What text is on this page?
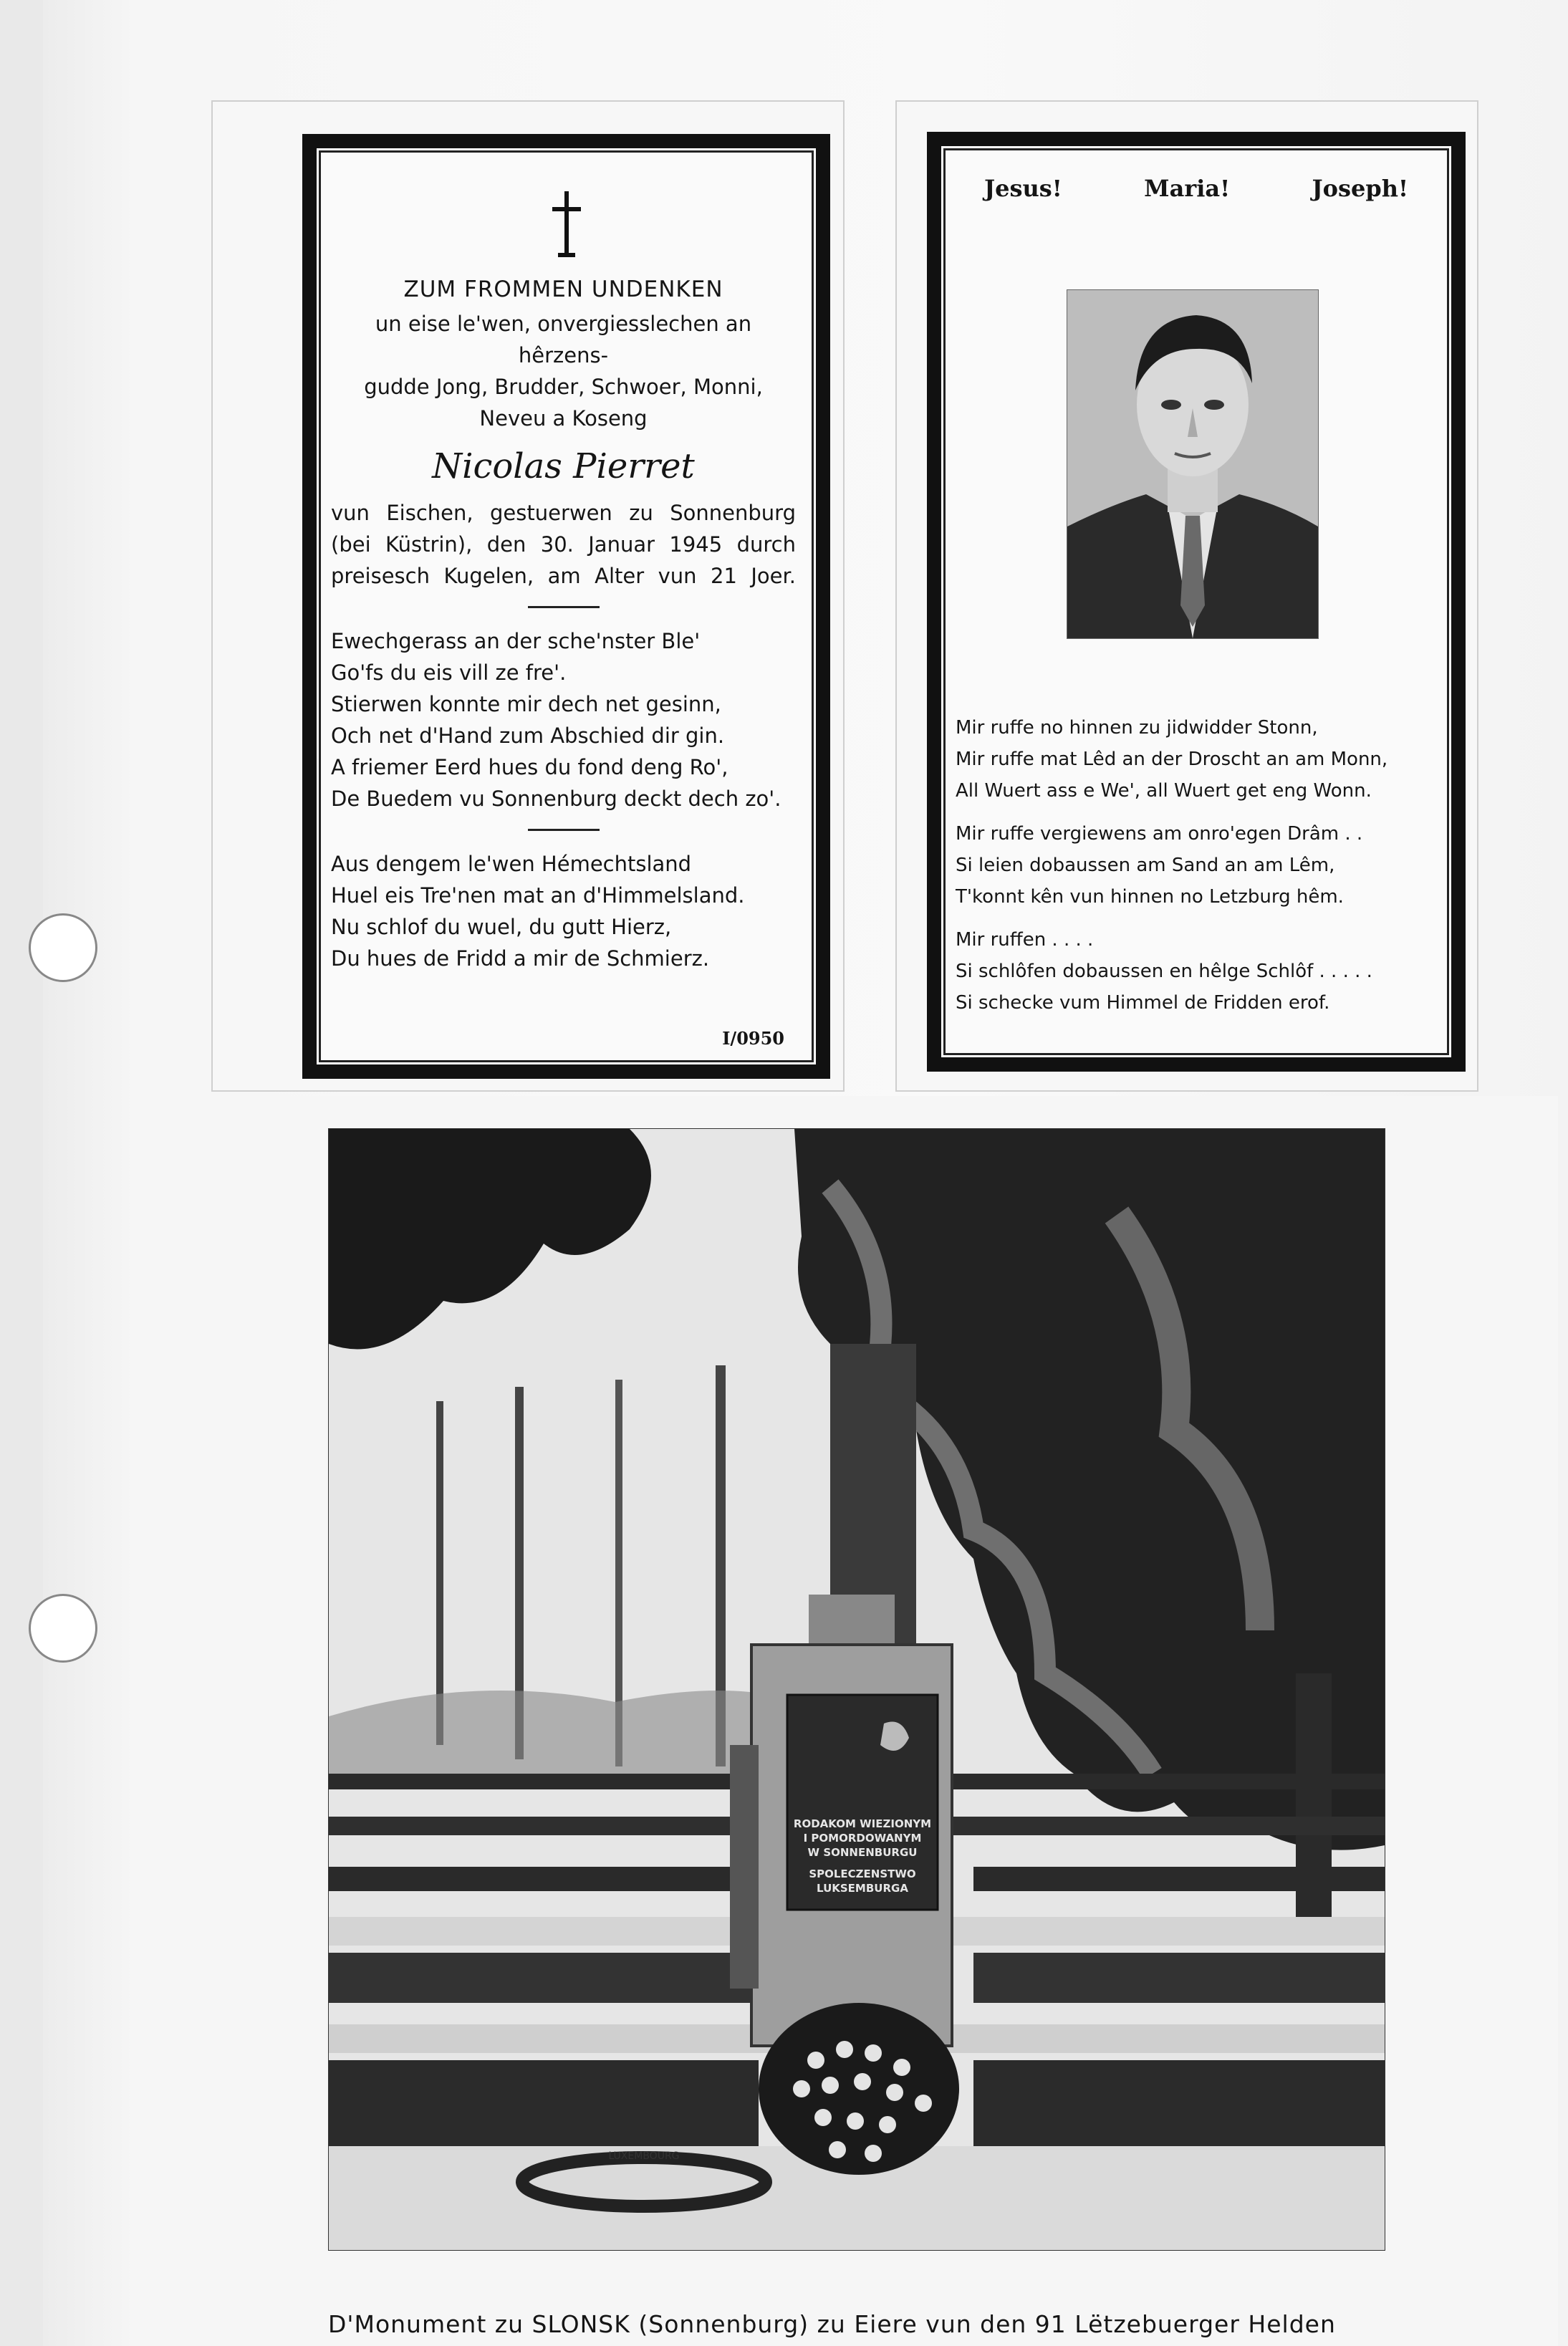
ZUM FROMMEN UNDENKEN
un eise le'wen, onvergiesslechen an hêrzens-
gudde Jong, Brudder, Schwoer, Monni,
Neveu a Koseng
Nicolas Pierret
vun Eischen, gestuerwen zu Sonnenburg
(bei Küstrin), den 30. Januar 1945 durch
preisesch Kugelen, am Alter vun 21 Joer.
Ewechgerass an der sche'nster Ble'
Go'fs du eis vill ze fre'.
Stierwen konnte mir dech net gesinn,
Och net d'Hand zum Abschied dir gin.
A friemer Eerd hues du fond deng Ro',
De Buedem vu Sonnenburg deckt dech zo'.
Aus dengem le'wen Hémechtsland
Huel eis Tre'nen mat an d'Himmelsland.
Nu schlof du wuel, du gutt Hierz,
Du hues de Fridd a mir de Schmierz.
I/0950
Jesus!	Maria!	Joseph!
Mir ruffe no hinnen zu jidwidder Stonn,
Mir ruffe mat Lêd an der Droscht an am Monn,
All Wuert ass e We', all Wuert get eng Wonn.
Mir ruffe vergiewens am onro'egen Drâm . .
Si leien dobaussen am Sand an am Lêm,
T'konnt kên vun hinnen no Letzburg hêm.
Mir ruffen . . . .
Si schlôfen dobaussen en hêlge Schlôf . . . . .
Si schecke vum Himmel de Fridden erof.
RODAKOM WIEZIONYM
I POMORDOWANYM
W SONNENBURGU
SPOLECZENSTWO
LUKSEMBURGA
LUXEMBOURG
D'Monument zu SLONSK (Sonnenburg) zu Eiere vun den 91 Lëtzebuerger Helden
